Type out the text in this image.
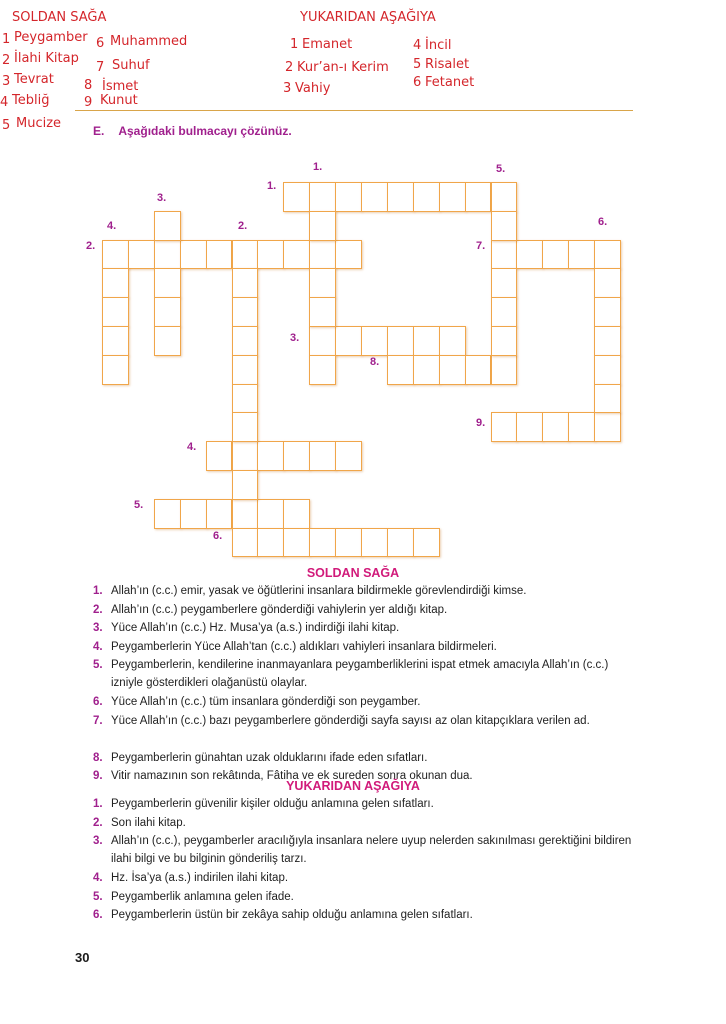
SOLDAN SAĞA	YUKARIDAN AŞAĞIYA
1 Peygamber
2 İlahi Kitap
3 Tevrat
4 Tebliğ
5 Mucize
6 Muhammed
7 Suhuf
8 İsmet
9 Kunut
1 Emanet
2 Kur’an-ı Kerim
3 Vahiy
4 İncil
5 Risalet
6 Fetanet
E. Aşağıdaki bulmacayı çözünüz.
1.
2.
3.
4.
5.
6.
7.
8.
9.
1.
2.
3.
4.
5.
6.
SOLDAN SAĞA
1. Allah’ın (c.c.) emir, yasak ve öğütlerini insanlara bildirmekle görevlendirdiği kimse.
2. Allah’ın (c.c.) peygamberlere gönderdiği vahiylerin yer aldığı kitap.
3. Yüce Allah’ın (c.c.) Hz. Musa’ya (a.s.) indirdiği ilahi kitap.
4. Peygamberlerin Yüce Allah’tan (c.c.) aldıkları vahiyleri insanlara bildirmeleri.
5. Peygamberlerin, kendilerine inanmayanlara peygamberliklerini ispat etmek amacıyla Allah’ın (c.c.) izniyle gösterdikleri olağanüstü olaylar.
6. Yüce Allah’ın (c.c.) tüm insanlara gönderdiği son peygamber.
7. Yüce Allah’ın (c.c.) bazı peygamberlere gönderdiği sayfa sayısı az olan kitapçıklara verilen ad.
8. Peygamberlerin günahtan uzak olduklarını ifade eden sıfatları.
9. Vitir namazının son rekâtında, Fâtiha ve ek sureden sonra okunan dua.
YUKARIDAN AŞAĞIYA
1. Peygamberlerin güvenilir kişiler olduğu anlamına gelen sıfatları.
2. Son ilahi kitap.
3. Allah’ın (c.c.), peygamberler aracılığıyla insanlara nelere uyup nelerden sakınılması gerektiğini bildiren ilahi bilgi ve bu bilginin gönderiliş tarzı.
4. Hz. İsa’ya (a.s.) indirilen ilahi kitap.
5. Peygamberlik anlamına gelen ifade.
6. Peygamberlerin üstün bir zekâya sahip olduğu anlamına gelen sıfatları.
30
